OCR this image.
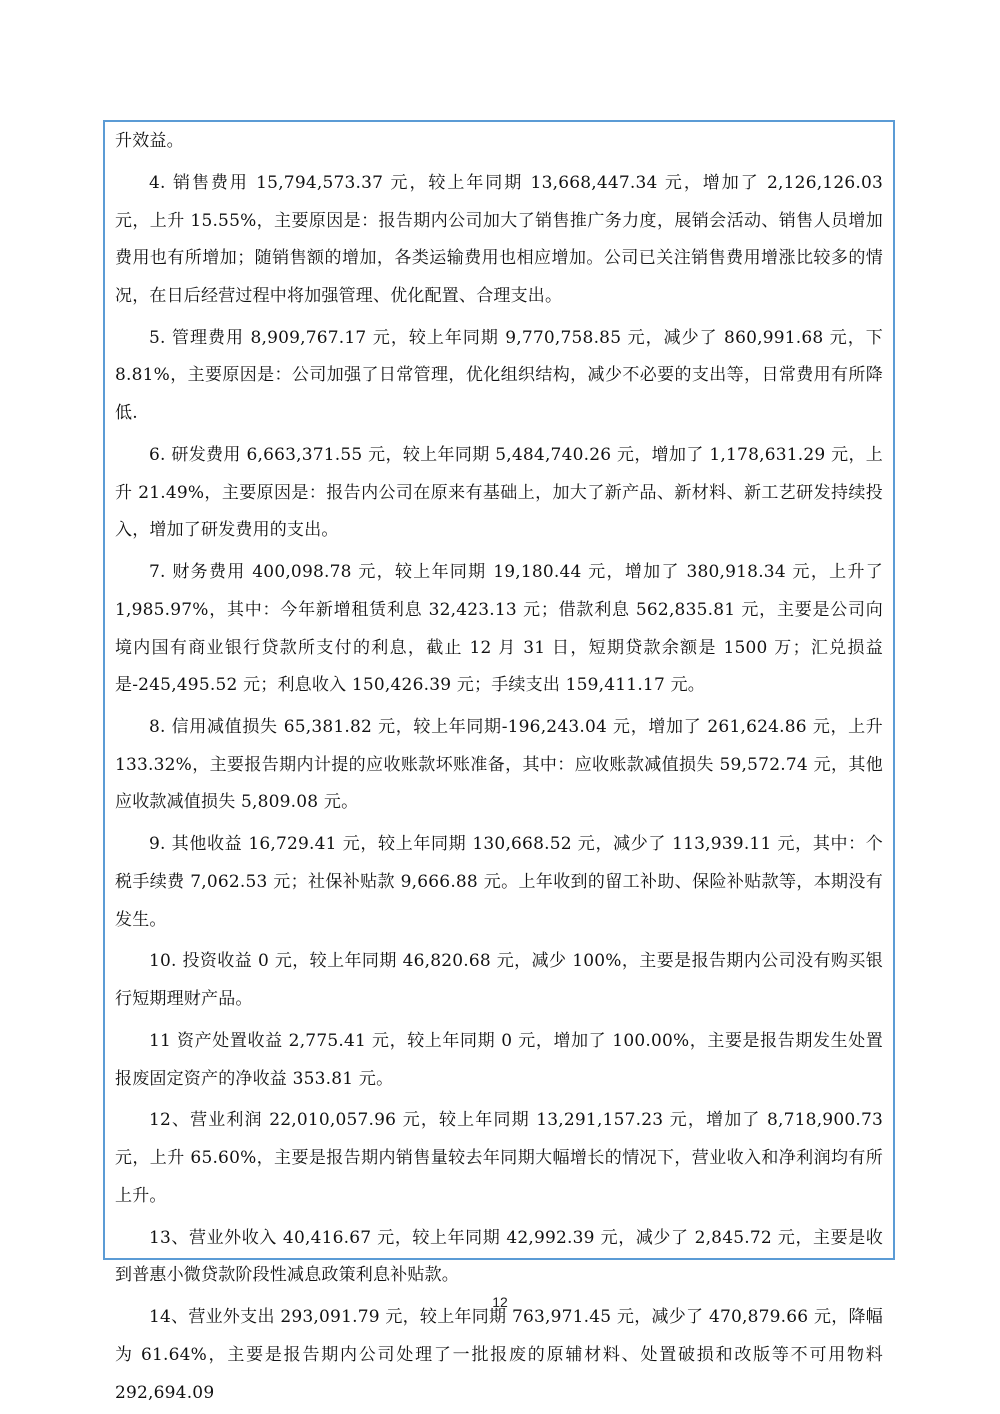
升效益。

4. 销售费用 15,794,573.37 元，较上年同期 13,668,447.34 元，增加了 2,126,126.03 元，上升 15.55%，主要原因是：报告期内公司加大了销售推广务力度，展销会活动、销售人员增加费用也有所增加；随销售额的增加，各类运输费用也相应增加。公司已关注销售费用增涨比较多的情况，在日后经营过程中将加强管理、优化配置、合理支出。

5. 管理费用 8,909,767.17 元，较上年同期 9,770,758.85 元，减少了 860,991.68 元，下 8.81%，主要原因是：公司加强了日常管理，优化组织结构，减少不必要的支出等，日常费用有所降低.

6. 研发费用 6,663,371.55 元，较上年同期 5,484,740.26 元，增加了 1,178,631.29 元，上升 21.49%，主要原因是：报告内公司在原来有基础上，加大了新产品、新材料、新工艺研发持续投入，增加了研发费用的支出。

7. 财务费用 400,098.78 元，较上年同期 19,180.44 元，增加了 380,918.34 元，上升了 1,985.97%，其中：今年新增租赁利息 32,423.13 元；借款利息 562,835.81 元，主要是公司向境内国有商业银行贷款所支付的利息，截止 12 月 31 日，短期贷款余额是 1500 万；汇兑损益是-245,495.52 元；利息收入 150,426.39 元；手续支出 159,411.17 元。

8. 信用减值损失 65,381.82 元，较上年同期-196,243.04 元，增加了 261,624.86 元，上升 133.32%，主要报告期内计提的应收账款坏账准备，其中：应收账款减值损失 59,572.74 元，其他应收款减值损失 5,809.08 元。

9. 其他收益 16,729.41 元，较上年同期 130,668.52 元，减少了 113,939.11 元，其中：个税手续费 7,062.53 元；社保补贴款 9,666.88 元。上年收到的留工补助、保险补贴款等，本期没有发生。

10. 投资收益 0 元，较上年同期 46,820.68 元，减少 100%，主要是报告期内公司没有购买银行短期理财产品。

11 资产处置收益 2,775.41 元，较上年同期 0 元，增加了 100.00%，主要是报告期发生处置报废固定资产的净收益 353.81 元。

12、营业利润 22,010,057.96 元，较上年同期 13,291,157.23 元，增加了 8,718,900.73 元，上升 65.60%，主要是报告期内销售量较去年同期大幅增长的情况下，营业收入和净利润均有所上升。

13、营业外收入 40,416.67 元，较上年同期 42,992.39 元，减少了 2,845.72 元，主要是收到普惠小微贷款阶段性减息政策利息补贴款。

14、营业外支出 293,091.79 元，较上年同期 763,971.45 元，减少了 470,879.66 元，降幅为 61.64%，主要是报告期内公司处理了一批报废的原辅材料、处置破损和改版等不可用物料 292,694.09

12
